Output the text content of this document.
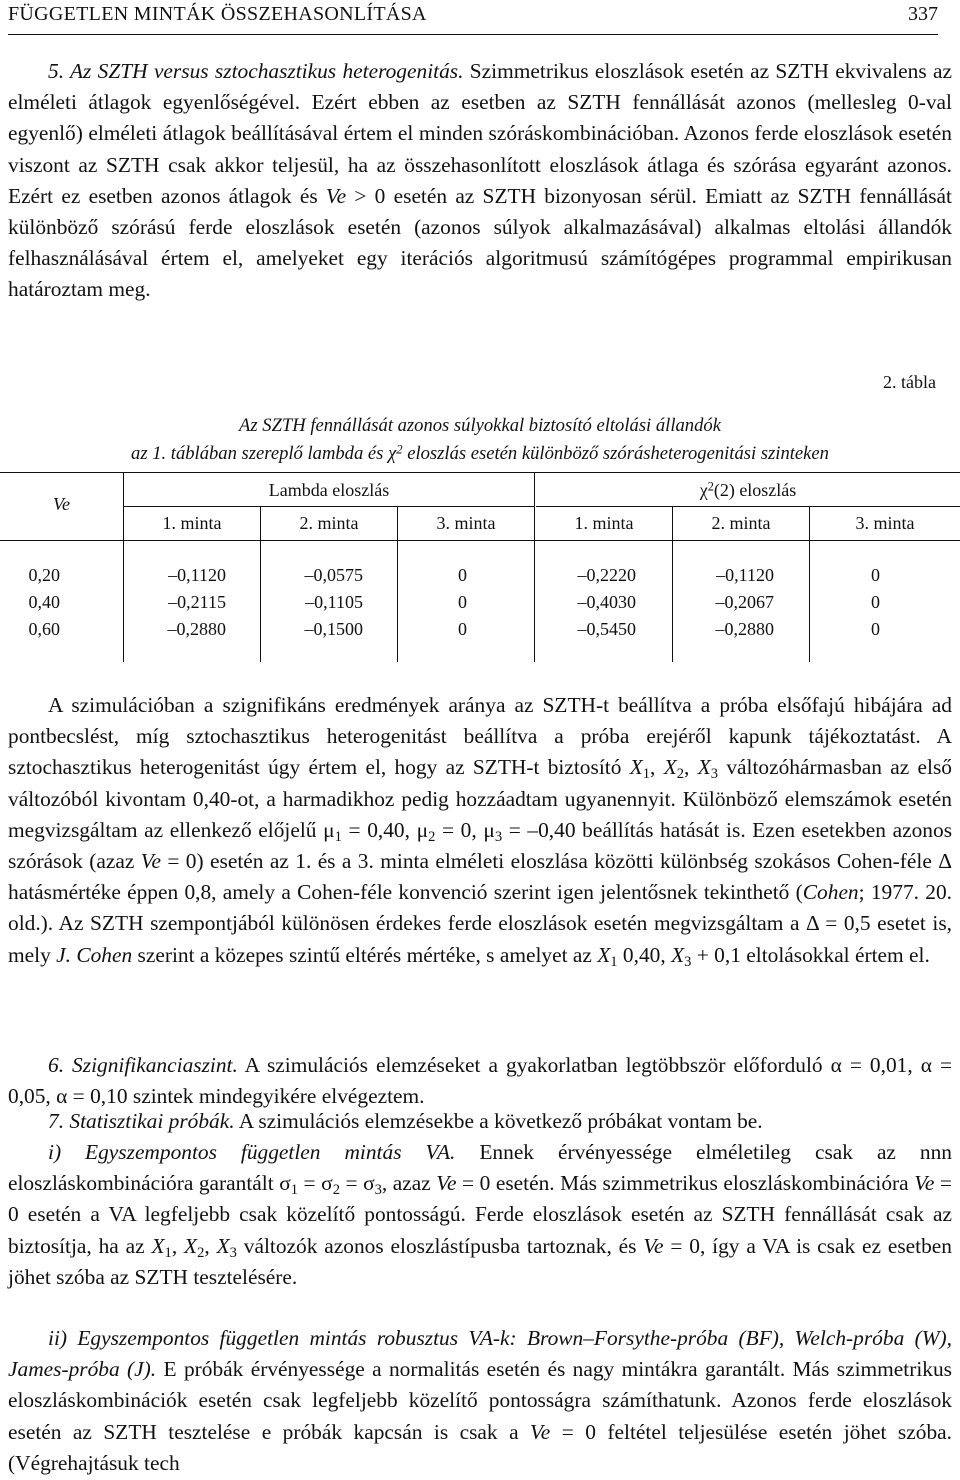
FÜGGETLEN MINTÁK ÖSSZEHASONLÍTÁSA	337

5. Az SZTH versus sztochasztikus heterogenitás. Szimmetrikus eloszlások esetén az SZTH ekvivalens az elméleti átlagok egyenlőségével. Ezért ebben az esetben az SZTH fennállását azonos (mellesleg 0-val egyenlő) elméleti átlagok beállításával értem el minden szóráskombinációban. Azonos ferde eloszlások esetén viszont az SZTH csak akkor teljesül, ha az összehasonlított eloszlások átlaga és szórása egyaránt azonos. Ezért ez esetben azonos átlagok és Ve > 0 esetén az SZTH bizonyosan sérül. Emiatt az SZTH fennállását különböző szórású ferde eloszlások esetén (azonos súlyok alkalmazásával) alkalmas eltolási állandók felhasználásával értem el, amelyeket egy iterációs algoritmusú számítógépes programmal empirikusan határoztam meg.

2. tábla
Az SZTH fennállását azonos súlyokkal biztosító eltolási állandók
az 1. táblában szereplő lambda és $\chi^2$ eloszlás esetén különböző szórásheterogenitási szinteken
Ve
Lambda eloszlás	$\chi^2(2)$ eloszlás
1. minta	2. minta	3. minta	1. minta	2. minta	3. minta
0,20	–0,1120	–0,0575	0	–0,2220	–0,1120	0
0,40	–0,2115	–0,1105	0	–0,4030	–0,2067	0
0,60	–0,2880	–0,1500	0	–0,5450	–0,2880	0

A szimulációban a szignifikáns eredmények aránya az SZTH-t beállítva a próba elsőfajú hibájára ad pontbecslést, míg sztochasztikus heterogenitást beállítva a próba erejéről kapunk tájékoztatást. A sztochasztikus heterogenitást úgy értem el, hogy az SZTH-t biztosító $X_1$, $X_2$, $X_3$ változóhármasban az első változóból kivontam 0,40-ot, a harmadikhoz pedig hozzáadtam ugyanennyit. Különböző elemszámok esetén megvizsgáltam az ellenkező előjelű $\mu_1 = 0,40$, $\mu_2 = 0$, $\mu_3 = -0,40$ beállítás hatását is. Ezen esetekben azonos szórások (azaz Ve = 0) esetén az 1. és a 3. minta elméleti eloszlása közötti különbség szokásos Cohen-féle Δ hatásmértéke éppen 0,8, amely a Cohen-féle konvenció szerint igen jelentősnek tekinthető (Cohen; 1977. 20. old.). Az SZTH szempontjából különösen érdekes ferde eloszlások esetén megvizsgáltam a Δ = 0,5 esetet is, mely J. Cohen szerint a közepes szintű eltérés mértéke, s amelyet az $X_1$ 0,40, $X_3 + 0,1$ eltolásokkal értem el.

6. Szignifikanciaszint. A szimulációs elemzéseket a gyakorlatban legtöbbször előforduló α = 0,01, α = 0,05, α = 0,10 szintek mindegyikére elvégeztem.

7. Statisztikai próbák. A szimulációs elemzésekbe a következő próbákat vontam be.

i) Egyszempontos független mintás VA. Ennek érvényessége elméletileg csak az nnn eloszláskombinációra garantált $\sigma_1 = \sigma_2 = \sigma_3$, azaz Ve = 0 esetén. Más szimmetrikus eloszláskombinációra Ve = 0 esetén a VA legfeljebb csak közelítő pontosságú. Ferde eloszlások esetén az SZTH fennállását csak az biztosítja, ha az $X_1$, $X_2$, $X_3$ változók azonos eloszlástípusba tartoznak, és Ve = 0, így a VA is csak ez esetben jöhet szóba az SZTH tesztelésére.

ii) Egyszempontos független mintás robusztus VA-k: Brown–Forsythe-próba (BF), Welch-próba (W), James-próba (J). E próbák érvényessége a normalitás esetén és nagy mintákra garantált. Más szimmetrikus eloszláskombinációk esetén csak legfeljebb közelítő pontosságra számíthatunk. Azonos ferde eloszlások esetén az SZTH tesztelése e próbák kapcsán is csak a Ve = 0 feltétel teljesülése esetén jöhet szóba. (Végrehajtásuk tech
